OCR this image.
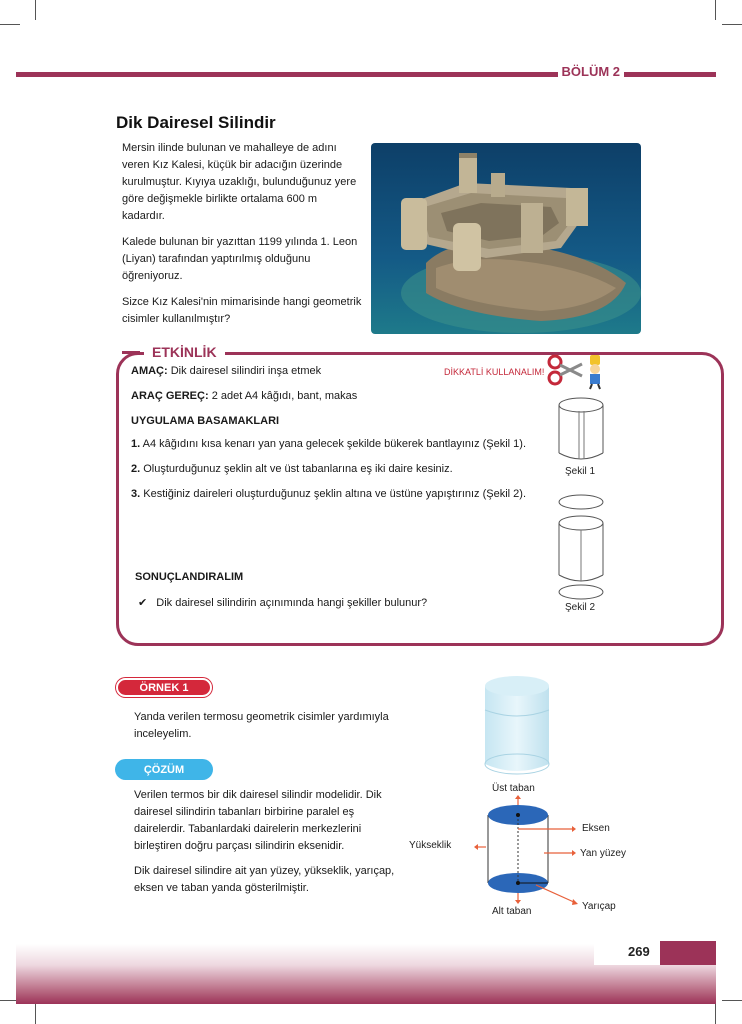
BÖLÜM 2
Dik Dairesel Silindir

Mersin ilinde bulunan ve mahalleye de adını veren Kız Kalesi, küçük bir adacığın üzerinde kurulmuştur. Kıyıya uzaklığı, bulunduğunuz yere göre değişmekle birlikte ortalama 600 m kadardır.

Kalede bulunan bir yazıttan 1199 yılında 1. Leon (Liyan) tarafından yaptırılmış olduğunu öğreniyoruz.

Sizce Kız Kalesi'nin mimarisinde hangi geometrik cisimler kullanılmıştır?

ETKİNLİK
AMAÇ: Dik dairesel silindiri inşa etmek	DİKKATLİ KULLANALIM!
ARAÇ GEREÇ: 2 adet A4 kâğıdı, bant, makas
UYGULAMA BASAMAKLARI
1. A4 kâğıdını kısa kenarı yan yana gelecek şekilde bükerek bantlayınız (Şekil 1).
2. Oluşturduğunuz şeklin alt ve üst tabanlarına eş iki daire kesiniz.
3. Kestiğiniz daireleri oluşturduğunuz şeklin altına ve üstüne yapıştırınız (Şekil 2).
Şekil 1
Şekil 2
SONUÇLANDIRALIM
✔ Dik dairesel silindirin açınımında hangi şekiller bulunur?
ÖRNEK 1
Yanda verilen termosu geometrik cisimler yardımıyla inceleyelim.
ÇÖZÜM

Verilen termos bir dik dairesel silindir modelidir. Dik dairesel silindirin tabanları birbirine paralel eş dairelerdir. Tabanlardaki dairelerin merkezlerini birleştiren doğru parçası silindirin eksenidir.

Dik dairesel silindire ait yan yüzey, yükseklik, yarıçap, eksen ve taban yanda gösterilmiştir.

Üst taban
Eksen
Yükseklik
Yan yüzey
Yarıçap
Alt taban
269
